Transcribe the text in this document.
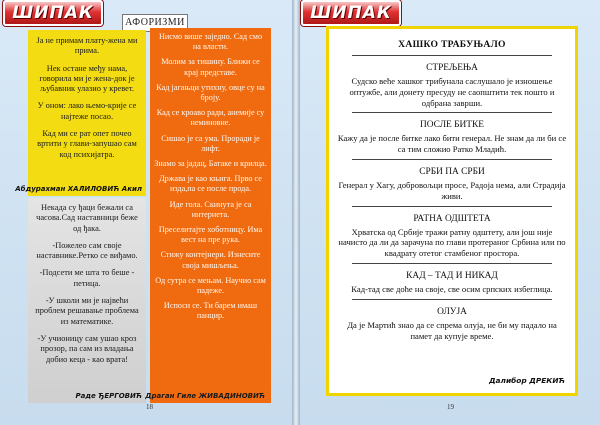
ШИПАК	АФОРИЗМИ

Ја не примам плату-жена ми прима.

Нек остане међу нама, говорила ми је жена-док је љубавник улазио у кревет.

У оном: лако њемо-крије се најтеже посао.

Кад ми се рат опет почео вртити у глави-запушао сам код психијатра.

Абдурахман ХАЛИЛОВИЋ Акил

Некада су ђаци бежали са часова.Сад наставници беже од ђака.

-Пожелео сам своје наставнике.Ретко се виђамо.

-Подсети ме шта то беше - петица.

-У школи ми је највећи проблем решавање проблема из математике.

-У учионицу сам ушао кроз прозор, па сам из владања добио кеца - као врата!

Раде ЂЕРГОВИЋ

Нисмо више заједно. Сад смо на власти.

Молим за тишину. Ближи се крај представе.

Кад јагањци утихну, овце су на броју.

Кад се кроаво ради, анемије су неминовне.

Сишао је са ума. Проради је лифт.

Знамо за јадац, Батаке и крилца.

Државa је као књига. Прво се изда,па се после прода.

Иде гола. Скинута је са интернета.

Преселитајте хоботницу. Има вест на пре рука.

Стижу контејнери. Изнесите своја мишљења.

Од сутра се мењам. Научио сам падеже.

Испоси се. Ти барем имаш панцир.

Драган Гиле ЖИВАДИНОВИЋ
18
ШИПАК

ХАШКО ТРАБУЊАЛО

СТРЕЉЕЊА

Судско веће хашког трибунала саслушало је изношење оптужбе, али донету пресуду не саопштити тек пошто и одбрана заврши.

ПОСЛЕ БИТКЕ

Кажу да је после битке лако бити генерал. Не знам да ли би се са тим сложио Ратко Младић.

СРБИ ПА СРБИ

Генерал у Хагу, добровољци просе, Радоја нема, али Страдија живи.

РАТНА ОДШТЕТА

Хрватска од Србије тражи ратну одштету, али још није начисто да ли да зарачуна по глави протераног Србина или по квадрату отетог стамбеног простора.

КАД – ТАД И НИКАД

Кад-тад све доће на своје, све осим српских избеглица.

ОЛУЈА

Да је Мартић знао да се спрема олуја, не би му падало на памет да купује време.

Далибор ДРЕКИЋ
19
